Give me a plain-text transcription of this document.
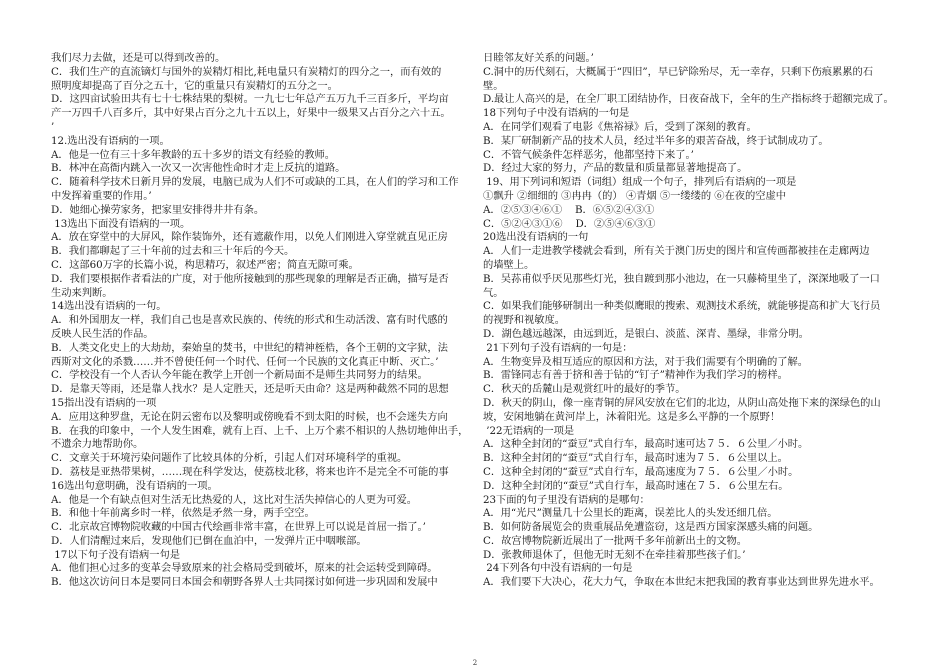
我们尽力去做，还是可以得到改善的。
C．我们生产的直流镝灯与国外的炭精灯相比,耗电量只有炭精灯的四分之一，而有效的
照明度却提高了百分之五十，它的重量只有炭精灯的五分之一。
D．这四亩试验田共有七十七株结果的梨树。一九七七年总产五万九千三百多斤，平均亩
产一万四千八百多斤，其中好果占百分之九十五以上，好果中一级果又占百分之六十五。
’
12.选出没有语病的一项。
A．他是一位有三十多年教龄的五十多岁的语文有经验的教师。
B．林冲在高衙内跳入一次又一次害他性命时才走上反抗的道路。
C．随着科学技术日新月异的发展，电脑已成为人们不可或缺的工具，在人们的学习和工作
中发挥着重要的作用。’
D．她细心操劳家务，把家里安排得井井有条。
13选出下面没有语病的一项。
A．放在穿堂中的大屏风，除作装饰外，还有遮蔽作用，以免人们刚进入穿堂就直见正房
B．我们都聊起了三十年前的过去和三十年后的今天。
C．这部60万字的长篇小说，构思精巧，叙述严密；简直无隙可乘。
D．我们要根据作者看法的广度，对于他所接触到的那些现象的理解是否正确，描写是否
生动来判断。
14选出没有语病的一句。
A．和外国朋友一样，我们自己也是喜欢民族的、传统的形式和生动活泼、富有时代感的
反映人民生活的作品。
B．人类文化史上的大劫劫，秦始皇的焚书，中世纪的精神桎梏，各个王朝的文字狱，法
西斯对文化的杀戮……并不曾使任何一个时代、任何一个民族的文化真正中断、灭亡。’
C．学校没有一个人否认今年能在教学上开创一个新局面不是师生共同努力的结果。
D．是靠天等雨，还是靠人找水？是人定胜天，还是听天由命？这是两种截然不同的思想
15指出没有语病的一项
A．应用这种罗盘，无论在阴云密布以及黎明或傍晚看不到太阳的时候，也不会迷失方向
B．在我的印象中，一个人发生困难，就有上百、上千、上万个素不相识的人热切地伸出手，
不遗余力地帮助你。
C．文章关于环境污染问题作了比较具体的分析，引起人们对环境科学的重视。
D．荔枝是亚热带果树，……现在科学发达，使荔枝北移，将来也许不是完全不可能的事
16选出句意明确，没有语病的一项。
A．他是一个有缺点但对生活无比热爱的人，这比对生活失掉信心的人更为可爱。
B．和他十年前离乡时一样，依然是矛然一身，两手空空。
C．北京故宫博物院收藏的中国古代绘画非常丰富，在世界上可以说是首屈一指了。’
D．人们清醒过来后，发现他们已倒在血泊中，一发弹片正中咽喉部。
17以下句子没有语病一句是
A．他们担心过多的变革会导致原来的社会格局受到破坏，原来的社会运转受到障碍。
B．他这次访问日本是要同日本国会和朝野各界人士共同探讨如何进一步巩固和发展中
日睦邻友好关系的问题。’
C.洞中的历代刻石，大概属于“四旧”，早已铲除殆尽，无一幸存，只剩下伤痕累累的石
壁。
D.最让人高兴的是，在全厂职工团结协作，日夜奋战下，全年的生产指标终于超额完成了。
18下列句子中没有语病的一句是
A．在同学们观看了电影《焦裕禄》后，受到了深刻的教育。
B．某厂研制新产品的技术人员，经过半年多的艰苦奋战，终于试制成功了。
C．不管气候条件怎样恶劣，他都坚持下来了。’
D．经过大家的努力，产品的数量和质量都显著地提高了。
19、用下列词和短语（词组）组成一个句子，排列后有语病的一项是
①飘升 ②细细的 ③冉冉（的） ④青烟 ⑤一缕缕的 ⑥在夜的空虚中
A．②⑤③④⑥①    B．⑥⑤②④③①
C．⑤②④③①⑥    D．②⑤④⑥③①
20选出没有语病的一句
A．人们一走进教学楼就会看到，所有关于澳门历史的图片和宣传画都被挂在走廊两边
的墙壁上。
B．吴荪甫似乎厌见那些灯光，独自踱到那小池边，在一只藤椅里坐了，深深地吸了一口
气。
C．如果我们能够研制出一种类似鹰眼的搜索、观测技术系统，就能够提高和扩大飞行员
的视野和视敏度。
D．湖色越远越深，由远到近，是银白、淡蓝、深青、墨绿，非常分明。
21下列句子没有语病的一句是：
A．生物变异及相互适应的原因和方法，对于我们需要有个明确的了解。
B．雷锋同志有善于挤和善于钻的“钉子”精神作为我们学习的榜样。
C．秋天的岳麓山是观赏红叶的最好的季节。
D．秋天的阴山，像一座青铜的屏风安放在它们的北边，从阴山高处拖下来的深绿色的山
坡，安闲地躺在黄河岸上，沐着阳光。这是多么平静的一个原野！
’22无语病的一项是
A．这种全封闭的“蚕豆”式自行车，最高时速可达７５．６公里／小时。
B．这种全封闭的“蚕豆”式自行车，最高时速为７５．６公里以上。
C．这种全封闭的“蚕豆”式自行车，最高速度为７５．６公里／小时。
D．这种全封闭的“蚕豆”式自行车，最高时速在７５．６公里左右。
23下面的句子里没有语病的是哪句：
A．用“光尺”测量几十公里长的距离，误差比人的头发还细几倍。
B．如何防备展览会的贵重展品免遭盗窃，这是西方国家深感头痛的问题。
C．故宫博物院新近展出了一批两千多年前新出土的文物。
D．张教师退休了，但他无时无刻不在牵挂着那些孩子们。’
24下列各句中没有语病的一句是
A．我们要下大决心，花大力气，争取在本世纪末把我国的教育事业达到世界先进水平。
2
